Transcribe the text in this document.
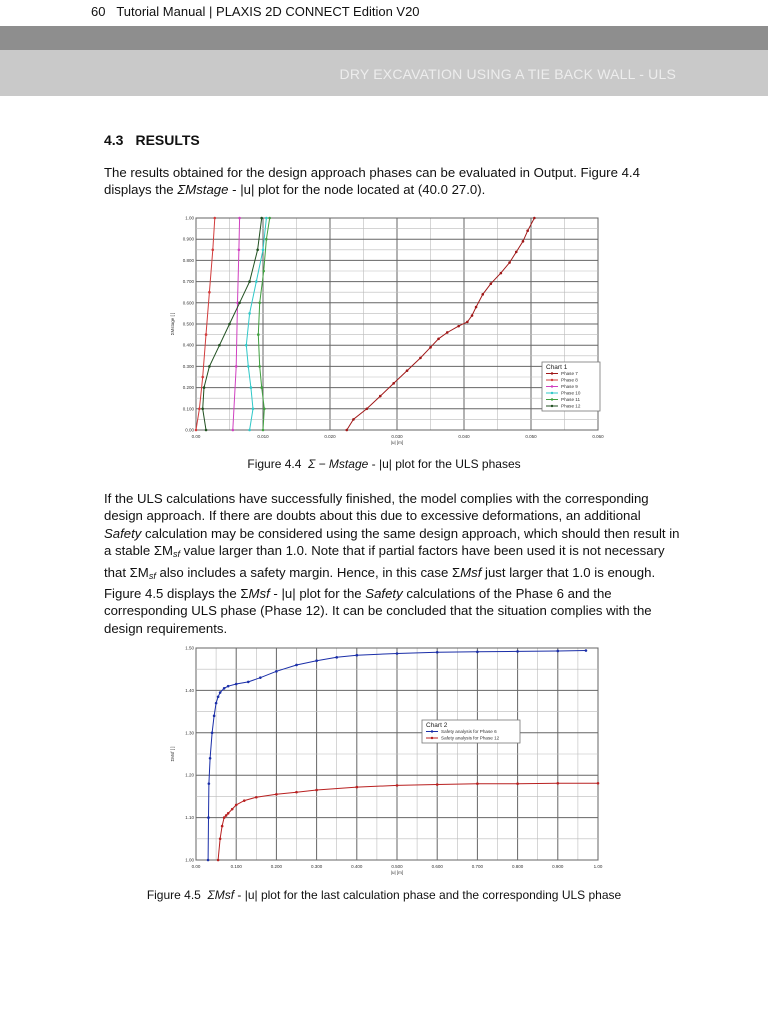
60 Tutorial Manual | PLAXIS 2D CONNECT Edition V20
DRY EXCAVATION USING A TIE BACK WALL - ULS
4.3 RESULTS
The results obtained for the design approach phases can be evaluated in Output. Figure 4.4 displays the ΣMstage - |u| plot for the node located at (40.0 27.0).
0.00	0.010	0.020	0.030	0.040	0.050	0.060
0.00
0.100
0.200
0.300
0.400
0.500
0.600
0.700
0.800
0.900
1.00
|u| [m]
ΣMstage [ ]
Chart 1
Phase 7
Phase 8
Phase 9
Phase 10
Phase 11
Phase 12
Figure 4.4 Σ − Mstage - |u| plot for the ULS phases
If the ULS calculations have successfully finished, the model complies with the corresponding design approach. If there are doubts about this due to excessive deformations, an additional Safety calculation may be considered using the same design approach, which should then result in a stable $\Sigma M_{sf}$ value larger than 1.0. Note that if partial factors have been used it is not necessary that $\Sigma M_{sf}$ also includes a safety margin. Hence, in this case ΣMsf just larger that 1.0 is enough. Figure 4.5 displays the ΣMsf - |u| plot for the Safety calculations of the Phase 6 and the corresponding ULS phase (Phase 12). It can be concluded that the situation complies with the design requirements.
0.00	0.100	0.200	0.300	0.400	0.500	0.600	0.700	0.800	0.900	1.00
1.00
1.10
1.20
1.30
1.40
1.50
|u| [m]
ΣMsf [ ]
Chart 2
Safety analysis for Phase 6
Safety analysis for Phase 12
Figure 4.5 ΣMsf - |u| plot for the last calculation phase and the corresponding ULS phase
